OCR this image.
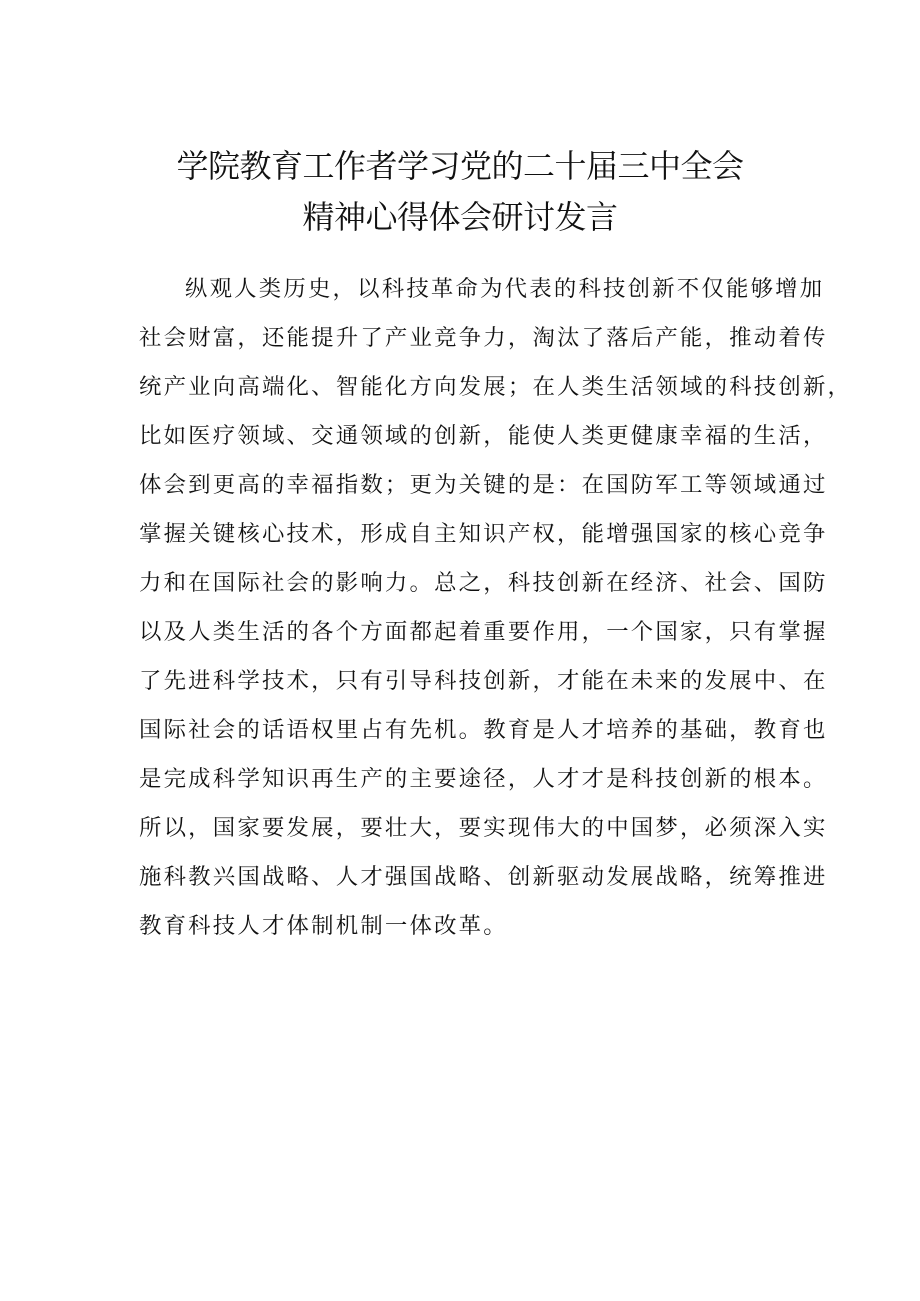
学院教育工作者学习党的二十届三中全会
精神心得体会研讨发言
纵观人类历史，以科技革命为代表的科技创新不仅能够增加
社会财富，还能提升了产业竞争力，淘汰了落后产能，推动着传
统产业向高端化、智能化方向发展；在人类生活领域的科技创新，
比如医疗领域、交通领域的创新，能使人类更健康幸福的生活，
体会到更高的幸福指数；更为关键的是：在国防军工等领域通过
掌握关键核心技术，形成自主知识产权，能增强国家的核心竞争
力和在国际社会的影响力。总之，科技创新在经济、社会、国防
以及人类生活的各个方面都起着重要作用，一个国家，只有掌握
了先进科学技术，只有引导科技创新，才能在未来的发展中、在
国际社会的话语权里占有先机。教育是人才培养的基础，教育也
是完成科学知识再生产的主要途径，人才才是科技创新的根本。
所以，国家要发展，要壮大，要实现伟大的中国梦，必须深入实
施科教兴国战略、人才强国战略、创新驱动发展战略，统筹推进
教育科技人才体制机制一体改革。
